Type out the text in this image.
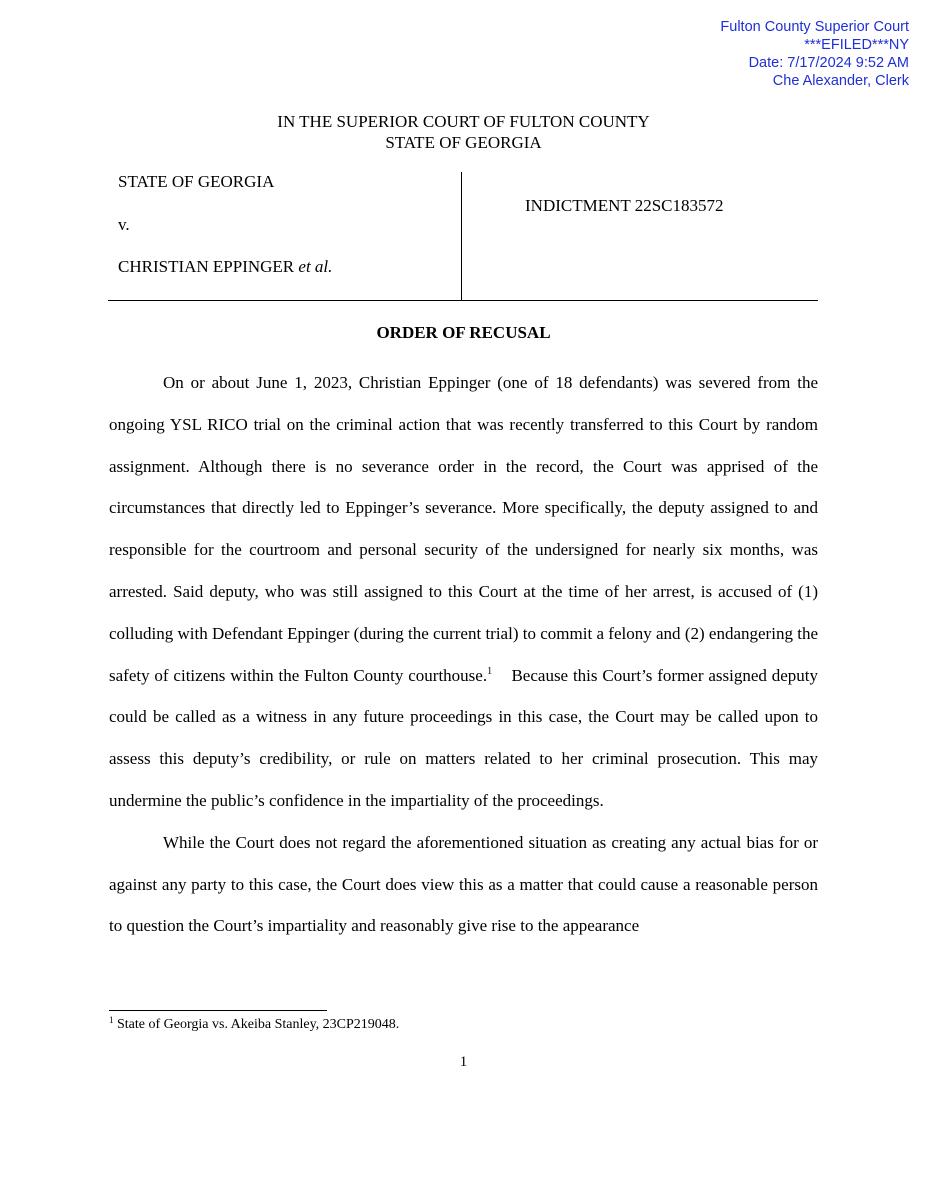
Fulton County Superior Court
***EFILED***NY
Date: 7/17/2024 9:52 AM
Che Alexander, Clerk
IN THE SUPERIOR COURT OF FULTON COUNTY
STATE OF GEORGIA
STATE OF GEORGIA
v.
CHRISTIAN EPPINGER et al.
INDICTMENT 22SC183572
ORDER OF RECUSAL

On or about June 1, 2023, Christian Eppinger (one of 18 defendants) was severed from the ongoing YSL RICO trial on the criminal action that was recently transferred to this Court by random assignment. Although there is no severance order in the record, the Court was apprised of the circumstances that directly led to Eppinger’s severance. More specifically, the deputy assigned to and responsible for the courtroom and personal security of the undersigned for nearly six months, was arrested. Said deputy, who was still assigned to this Court at the time of her arrest, is accused of (1) colluding with Defendant Eppinger (during the current trial) to commit a felony and (2) endangering the safety of citizens within the Fulton County courthouse.$^1$ Because this Court’s former assigned deputy could be called as a witness in any future proceedings in this case, the Court may be called upon to assess this deputy’s credibility, or rule on matters related to her criminal prosecution. This may undermine the public’s confidence in the impartiality of the proceedings.

While the Court does not regard the aforementioned situation as creating any actual bias for or against any party to this case, the Court does view this as a matter that could cause a reasonable person to question the Court’s impartiality and reasonably give rise to the appearance

$^1$ State of Georgia vs. Akeiba Stanley, 23CP219048.
1
